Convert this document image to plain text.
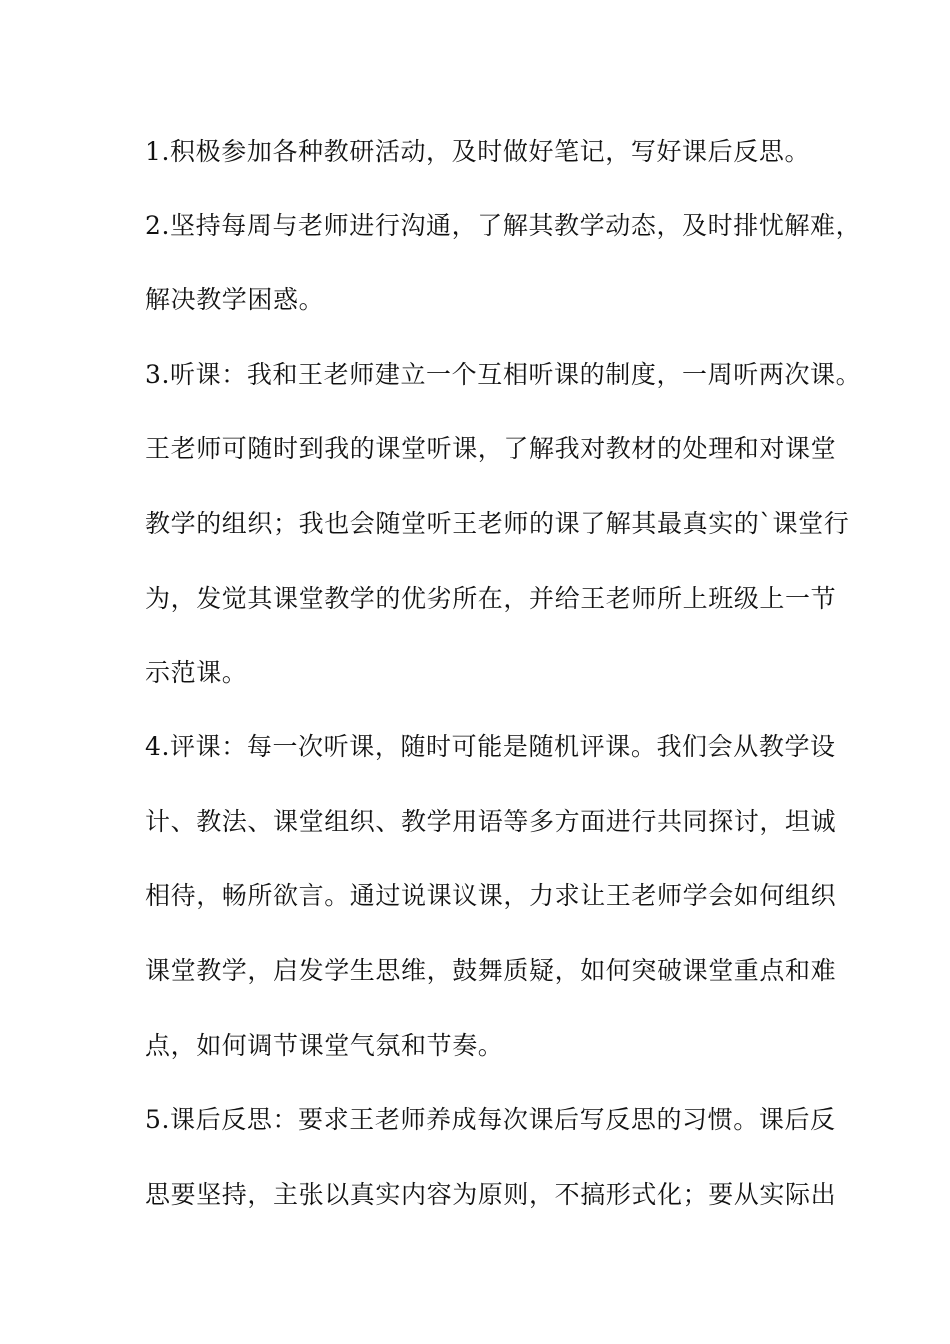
1.积极参加各种教研活动，及时做好笔记，写好课后反思。
2.坚持每周与老师进行沟通，了解其教学动态，及时排忧解难，
解决教学困惑。
3.听课：我和王老师建立一个互相听课的制度，一周听两次课。
王老师可随时到我的课堂听课，了解我对教材的处理和对课堂
教学的组织；我也会随堂听王老师的课了解其最真实的`课堂行
为，发觉其课堂教学的优劣所在，并给王老师所上班级上一节
示范课。
4.评课：每一次听课，随时可能是随机评课。我们会从教学设
计、教法、课堂组织、教学用语等多方面进行共同探讨，坦诚
相待，畅所欲言。通过说课议课，力求让王老师学会如何组织
课堂教学，启发学生思维，鼓舞质疑，如何突破课堂重点和难
点，如何调节课堂气氛和节奏。
5.课后反思：要求王老师养成每次课后写反思的习惯。课后反
思要坚持，主张以真实内容为原则，不搞形式化；要从实际出
